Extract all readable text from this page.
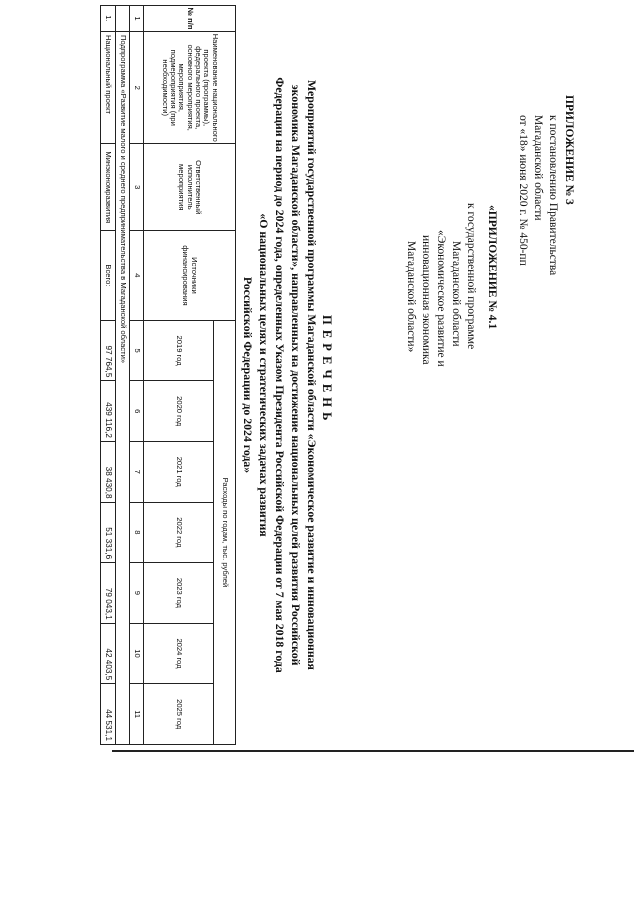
ПРИЛОЖЕНИЕ № 3
к постановлению Правительства
Магаданской области
от «18» июня 2020 г. № 450-пп
«ПРИЛОЖЕНИЕ № 4.1
к государственной программе
Магаданской области
«Экономическое развитие и
инновационная экономика
Магаданской области»
П Е Р Е Ч Е Н Ь
Мероприятий государственной программы Магаданской области «Экономическое развитие и инновационная
экономика Магаданской области», направленных на достижение национальных целей развития Российской
Федерации на период до 2024 года, определенных Указом Президента Российской Федерации от 7 мая 2018 года
«О национальных целях и стратегических задачах развития
Российской Федерации до 2024 года»
№ п/п	Наименование национального проекта (программы), федерального проекта, основного мероприятия, мероприятия, подмероприятия (при необходимости)	Ответственный исполнитель мероприятия	Источники финансирования	Расходы по годам, тыс. рублей						
				2019 год	2020 год	2021 год	2022 год	2023 год	2024 год	2025 год
1	2	3	4	5	6	7	8	9	10	11
	Подпрограмма «Развитие малого и среднего предпринимательства в Магаданской области»									
1.	Национальный проект	Минэкономразвития	Всего:	97 764,5	439 116,2	38 430,8	51 331,6	79 043,1	42 403,5	44 531,1
